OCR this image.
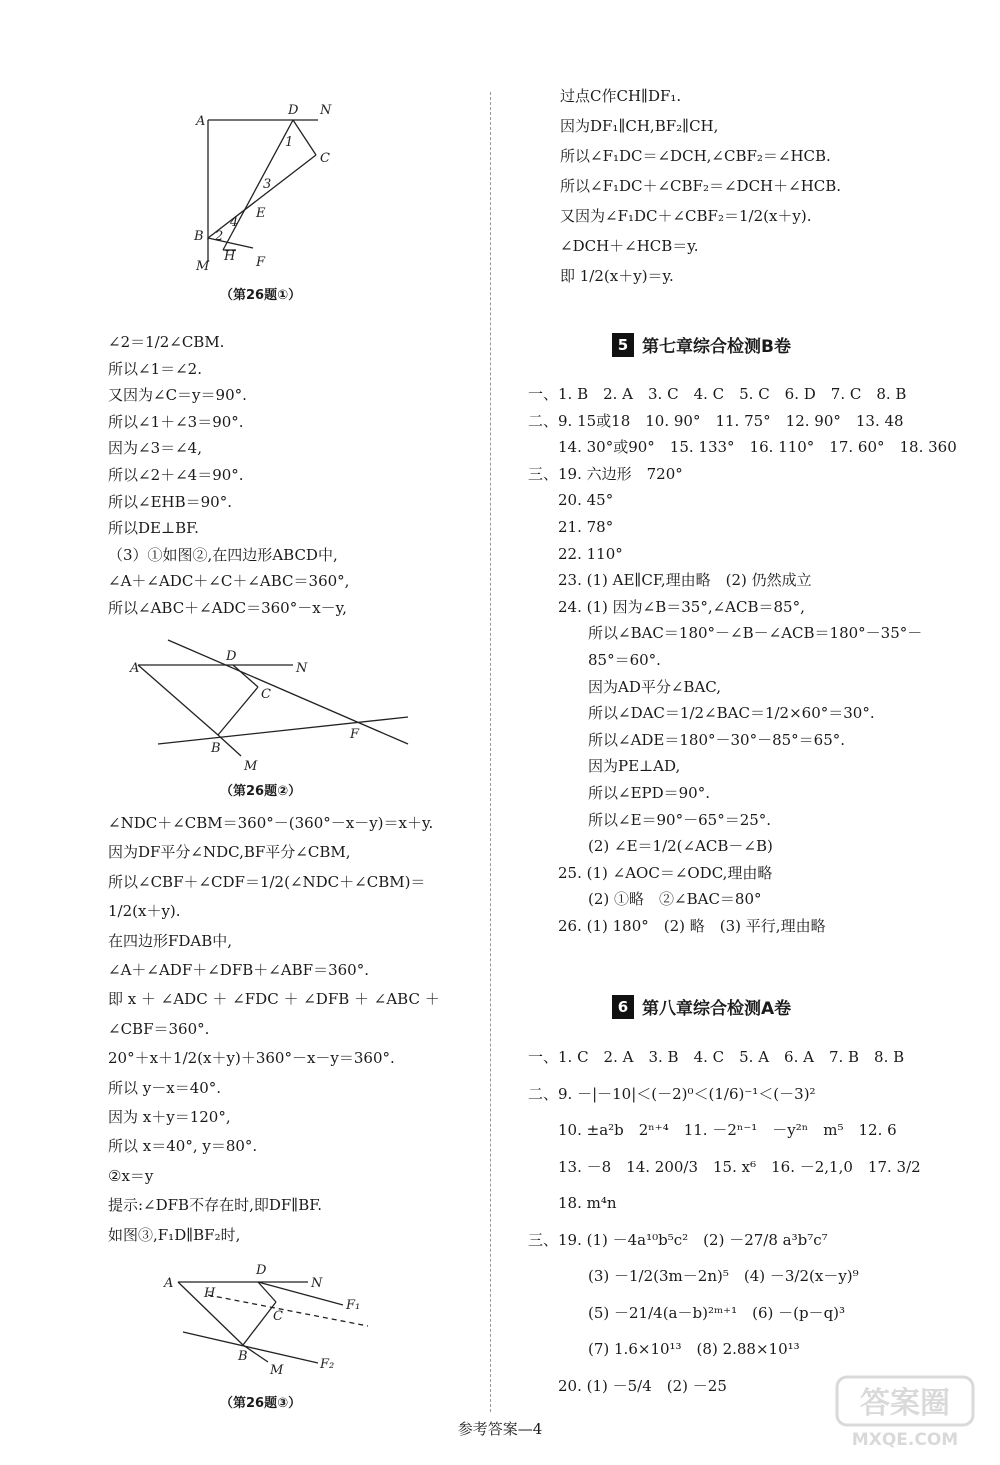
A
D N
C
E
B
H F
M
1
3
4
2
（第26题①）
∠2＝1/2∠CBM.
所以∠1＝∠2.
又因为∠C＝y＝90°.
所以∠1＋∠3＝90°.
因为∠3＝∠4,
所以∠2＋∠4＝90°.
所以∠EHB＝90°.
所以DE⊥BF.
（3）①如图②,在四边形ABCD中,
∠A＋∠ADC＋∠C＋∠ABC＝360°,
所以∠ABC＋∠ADC＝360°－x－y,
A
D
N
C
B
F
M
（第26题②）
∠NDC＋∠CBM＝360°－(360°－x－y)＝x＋y.
因为DF平分∠NDC,BF平分∠CBM,
所以∠CBF＋∠CDF＝1/2(∠NDC＋∠CBM)＝
1/2(x＋y).
在四边形FDAB中,
∠A＋∠ADF＋∠DFB＋∠ABF＝360°.
即 x ＋ ∠ADC ＋ ∠FDC ＋ ∠DFB ＋ ∠ABC ＋
∠CBF＝360°.
20°＋x＋1/2(x＋y)＋360°－x－y＝360°.
所以 y－x＝40°.
因为 x＋y＝120°,
所以 x＝40°, y＝80°.
②x＝y
提示:∠DFB不存在时,即DF∥BF.
如图③,F₁D∥BF₂时,
A
D
N
H
C
F₁
B
M	F₂
（第26题③）
过点C作CH∥DF₁.
因为DF₁∥CH,BF₂∥CH,
所以∠F₁DC＝∠DCH,∠CBF₂＝∠HCB.
所以∠F₁DC＋∠CBF₂＝∠DCH＋∠HCB.
又因为∠F₁DC＋∠CBF₂＝1/2(x＋y).
∠DCH＋∠HCB＝y.
即 1/2(x＋y)＝y.
5 第七章综合检测B卷
一、1. B　2. A　3. C　4. C　5. C　6. D　7. C　8. B
二、9. 15或18　10. 90°　11. 75°　12. 90°　13. 48
　　14. 30°或90°　15. 133°　16. 110°　17. 60°　18. 360
三、19. 六边形　720°
　　20. 45°
　　21. 78°
　　22. 110°
　　23. (1) AE∥CF,理由略　(2) 仍然成立
　　24. (1) 因为∠B＝35°,∠ACB＝85°,
　　　　所以∠BAC＝180°－∠B－∠ACB＝180°－35°－
　　　　85°＝60°.
　　　　因为AD平分∠BAC,
　　　　所以∠DAC＝1/2∠BAC＝1/2×60°＝30°.
　　　　所以∠ADE＝180°－30°－85°＝65°.
　　　　因为PE⊥AD,
　　　　所以∠EPD＝90°.
　　　　所以∠E＝90°－65°＝25°.
　　　　(2) ∠E＝1/2(∠ACB－∠B)
　　25. (1) ∠AOC＝∠ODC,理由略
　　　　(2) ①略　②∠BAC＝80°
　　26. (1) 180°　(2) 略　(3) 平行,理由略
6 第八章综合检测A卷
一、1. C　2. A　3. B　4. C　5. A　6. A　7. B　8. B
二、9. －|－10|＜(－2)⁰＜(1/6)⁻¹＜(－3)²
　　10. ±a²b　2ⁿ⁺⁴　11. －2ⁿ⁻¹　－y²ⁿ　m⁵　12. 6
　　13. －8　14. 200/3　15. x⁶　16. －2,1,0　17. 3/2
　　18. m⁴n
三、19. (1) －4a¹⁰b⁵c²　(2) －27/8 a³b⁷c⁷
　　　　(3) －1/2(3m－2n)⁵　(4) －3/2(x－y)⁹
　　　　(5) －21/4(a－b)²ᵐ⁺¹　(6) －(p－q)³
　　　　(7) 1.6×10¹³　(8) 2.88×10¹³
　　20. (1) －5/4　(2) －25
参考答案—4
答案圈
MXQE.COM
